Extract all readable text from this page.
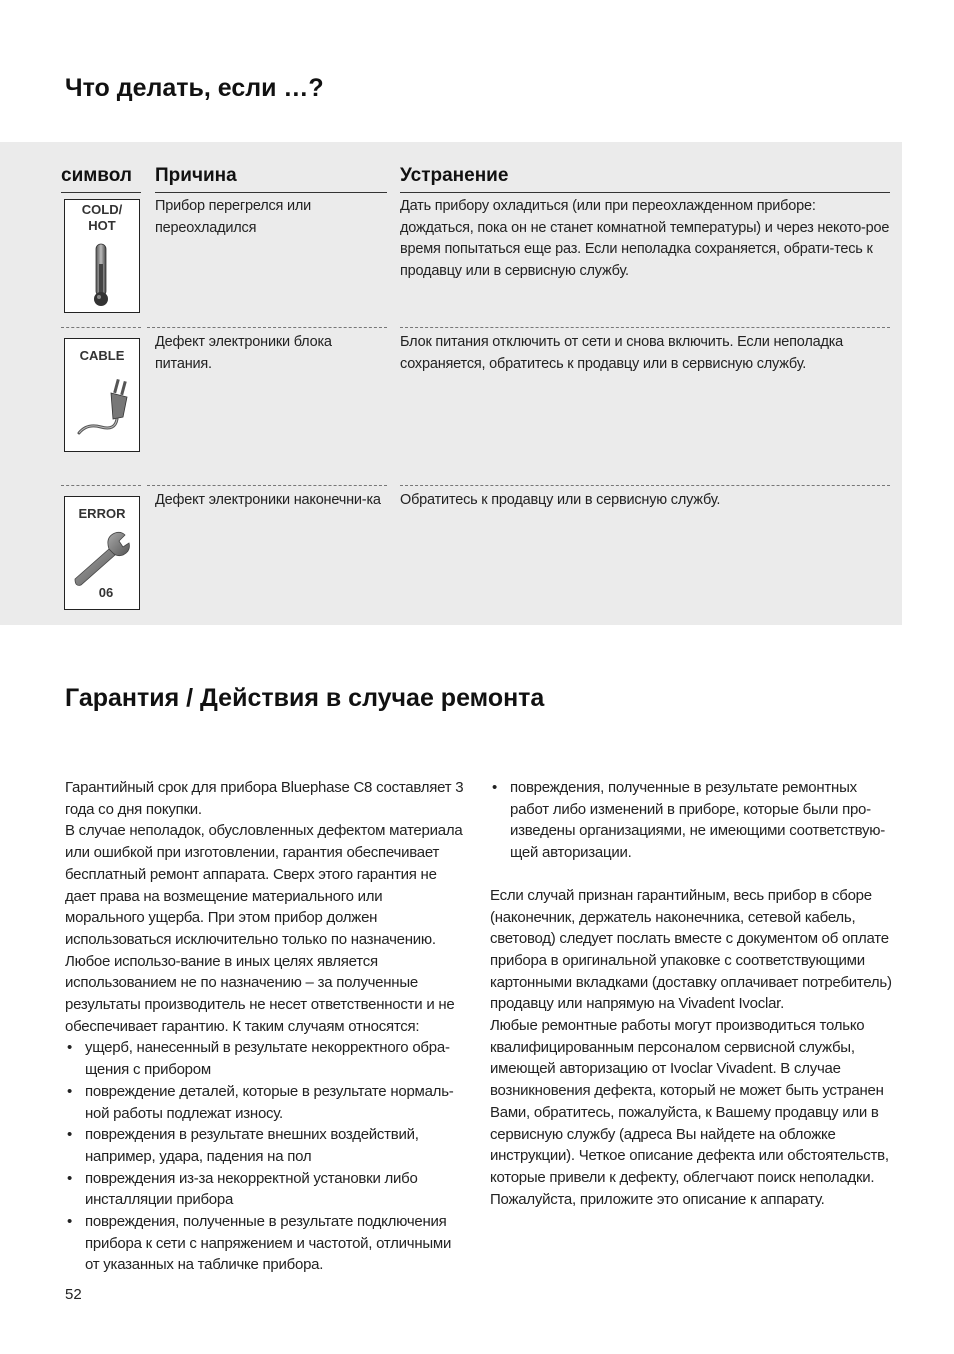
Что делать, если …?
символ Причина	Устранение
COLD/
HOT
Прибор перегрелся или переохладился
Дать прибору охладиться (или при переохлажденном приборе: дождаться, пока он не станет комнатной температуры) и через некото-рое время попытаться еще раз. Если неполадка сохраняется, обрати-тесь к продавцу или в сервисную службу.
CABLE
Дефект электроники блока питания.
Блок питания отключить от сети и снова включить. Если неполадка сохраняется, обратитесь к продавцу или в сервисную службу.
ERROR
06
Дефект электроники наконечни-ка	Обратитесь к продавцу или в сервисную службу.
Гарантия / Действия в случае ремонта

Гарантийный срок для прибора Bluephase C8 составляет 3 года со дня покупки.

В случае неполадок, обусловленных дефектом материала или ошибкой при изготовлении, гарантия обеспечивает бесплатный ремонт аппарата. Сверх этого гарантия не дает права на возмещение материального или морального ущерба. При этом прибор должен использоваться исключительно только по назначению. Любое использо-вание в иных целях является использованием не по назначению – за полученные результаты производитель не несет ответственности и не обеспечивает гарантию. К таким случаям относятся:

• ущерб, нанесенный в результате некорректного обра-щения с прибором
• повреждение деталей, которые в результате нормаль-ной работы подлежат износу.
• повреждения в результате внешних воздействий, например, удара, падения на пол
• повреждения из-за некорректной установки либо инсталляции прибора
• повреждения, полученные в результате подключения прибора к сети с напряжением и частотой, отличными от указанных на табличке прибора.
• повреждения, полученные в результате ремонтных работ либо изменений в приборе, которые были про-изведены организациями, не имеющими соответствую-щей авторизации.

Если случай признан гарантийным, весь прибор в сборе (наконечник, держатель наконечника, сетевой кабель, световод) следует послать вместе с документом об оплате прибора в оригинальной упаковке с соответствующими картонными вкладками (доставку оплачивает потребитель) продавцу или напрямую на Vivadent Ivoclar.

Любые ремонтные работы могут производиться только квалифицированным персоналом сервисной службы, имеющей авторизацию от Ivoclar Vivadent. В случае возникновения дефекта, который не может быть устранен Вами, обратитесь, пожалуйста, к Вашему продавцу или в сервисную службу (адреса Вы найдете на обложке инструкции). Четкое описание дефекта или обстоятельств, которые привели к дефекту, облегчают поиск неполадки. Пожалуйста, приложите это описание к аппарату.

52
